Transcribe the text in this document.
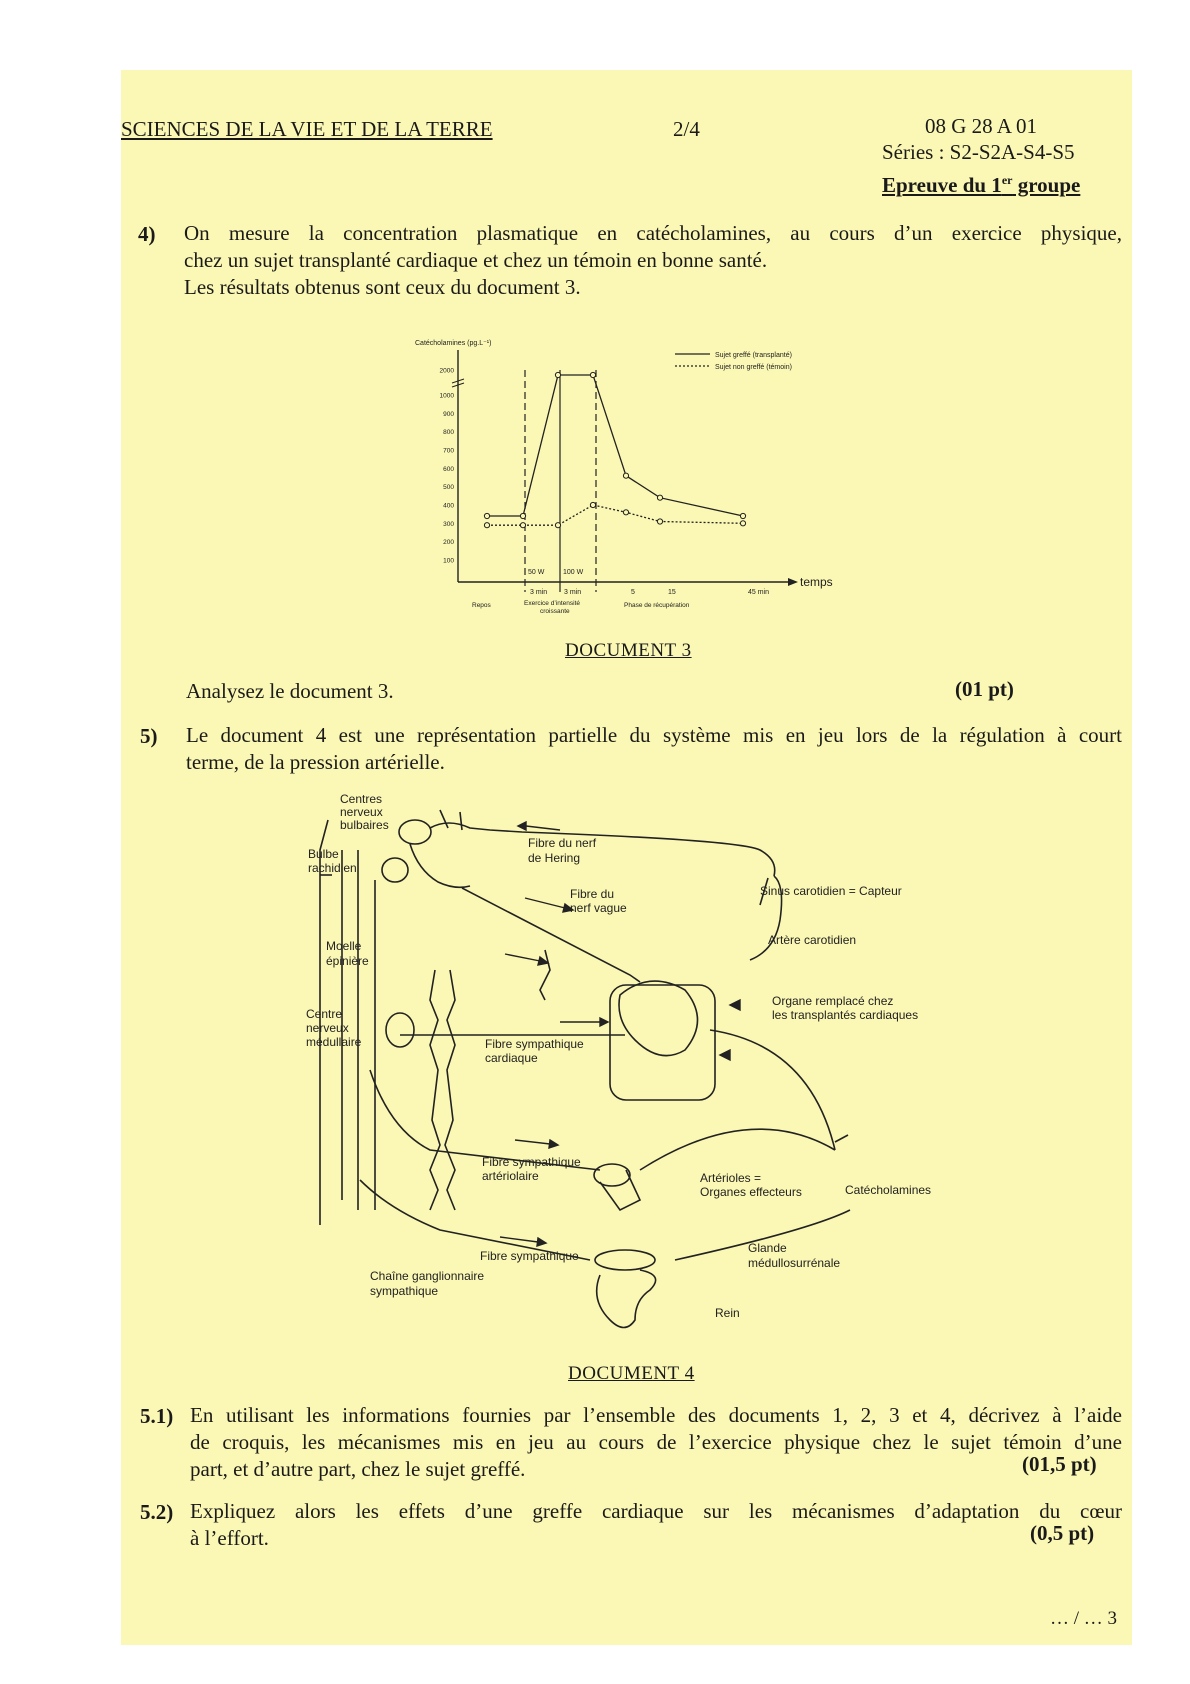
SCIENCES DE LA VIE ET DE LA TERRE	2/4	08 G 28 A 01
Séries : S2-S2A-S4-S5
Epreuve du 1er groupe
4) On mesure la concentration plasmatique en catécholamines, au cours d’un exercice physique,
chez un sujet transplanté cardiaque et chez un témoin en bonne santé.
Les résultats obtenus sont ceux du document 3.
Catécholamines (pg.L⁻¹)
temps
100
200
300
400
500
600
700
800
900
1000
2000
Sujet greffé (transplanté)
Sujet non greffé (témoin)
50 W	100 W
3 min 3 min	5	15	45 min
Repos	Exercice d’intensité
croissante
Phase de récupération
DOCUMENT 3
Analysez le document 3.	(01 pt)
5) Le document 4 est une représentation partielle du système mis en jeu lors de la régulation à court
terme, de la pression artérielle.
Centres
nerveux
bulbaires
Bulbe
rachidien
Fibre du nerf
de Hering
Fibre du
nerf vague
Sinus carotidien = Capteur
Artère carotidien
Moelle
épinière
Organe remplacé chez
les transplantés cardiaques
Centre
nerveux
médullaire	Fibre sympathique
cardiaque
Fibre sympathique
artériolaire	Artérioles =
Organes effecteurs	Catécholamines
Glande
médullosurrénale
Fibre sympathique
Chaîne ganglionnaire
sympathique
Rein
DOCUMENT 4
5.1) En utilisant les informations fournies par l’ensemble des documents 1, 2, 3 et 4, décrivez à l’aide
de croquis, les mécanismes mis en jeu au cours de l’exercice physique chez le sujet témoin d’une
part, et d’autre part, chez le sujet greffé.	(01,5 pt)
5.2) Expliquez alors les effets d’une greffe cardiaque sur les mécanismes d’adaptation du cœur
à l’effort.	(0,5 pt)
… / … 3
